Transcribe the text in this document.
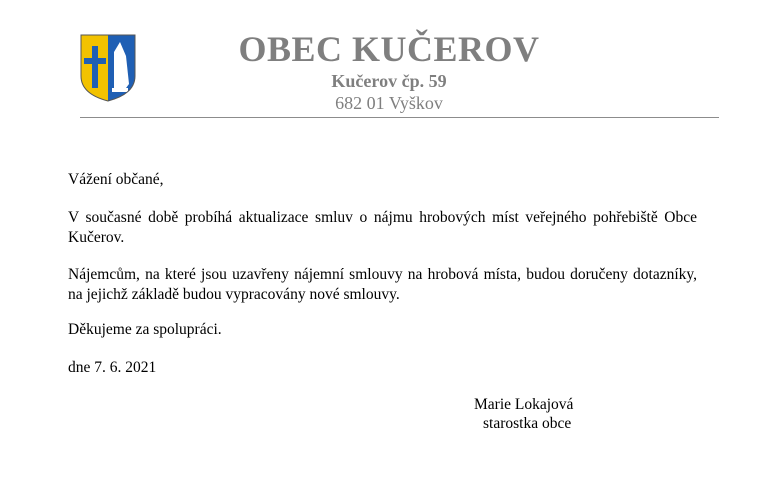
OBEC KUČEROV
Kučerov čp. 59
682 01 Vyškov
Vážení občané,
V současné době probíhá aktualizace smluv o nájmu hrobových míst veřejného pohřebiště Obce Kučerov.
Nájemcům, na které jsou uzavřeny nájemní smlouvy na hrobová místa, budou doručeny dotazníky, na jejichž základě budou vypracovány nové smlouvy.
Děkujeme za spolupráci.
dne 7. 6. 2021
Marie Lokajová
starostka obce
